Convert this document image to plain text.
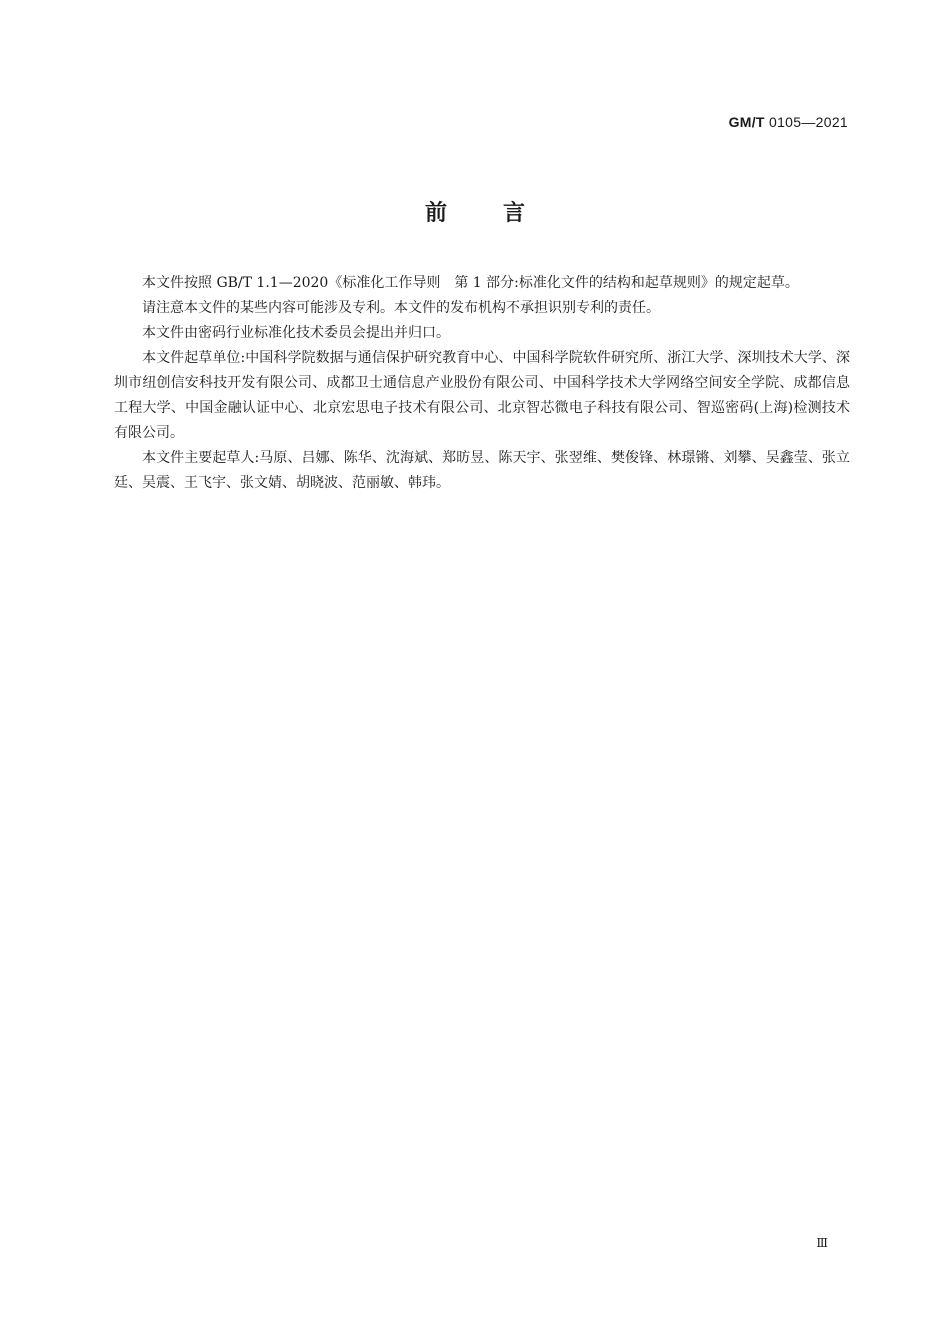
GM/T 0105—2021
前言

本文件按照 GB/T 1.1—2020《标准化工作导则　第 1 部分:标准化文件的结构和起草规则》的规定起草。

请注意本文件的某些内容可能涉及专利。本文件的发布机构不承担识别专利的责任。

本文件由密码行业标准化技术委员会提出并归口。

本文件起草单位:中国科学院数据与通信保护研究教育中心、中国科学院软件研究所、浙江大学、深圳技术大学、深圳市纽创信安科技开发有限公司、成都卫士通信息产业股份有限公司、中国科学技术大学网络空间安全学院、成都信息工程大学、中国金融认证中心、北京宏思电子技术有限公司、北京智芯微电子科技有限公司、智巡密码(上海)检测技术有限公司。

本文件主要起草人:马原、吕娜、陈华、沈海斌、郑昉昱、陈天宇、张翌维、樊俊锋、林璟锵、刘攀、吴鑫莹、张立廷、吴震、王飞宇、张文婧、胡晓波、范丽敏、韩玮。

Ⅲ
